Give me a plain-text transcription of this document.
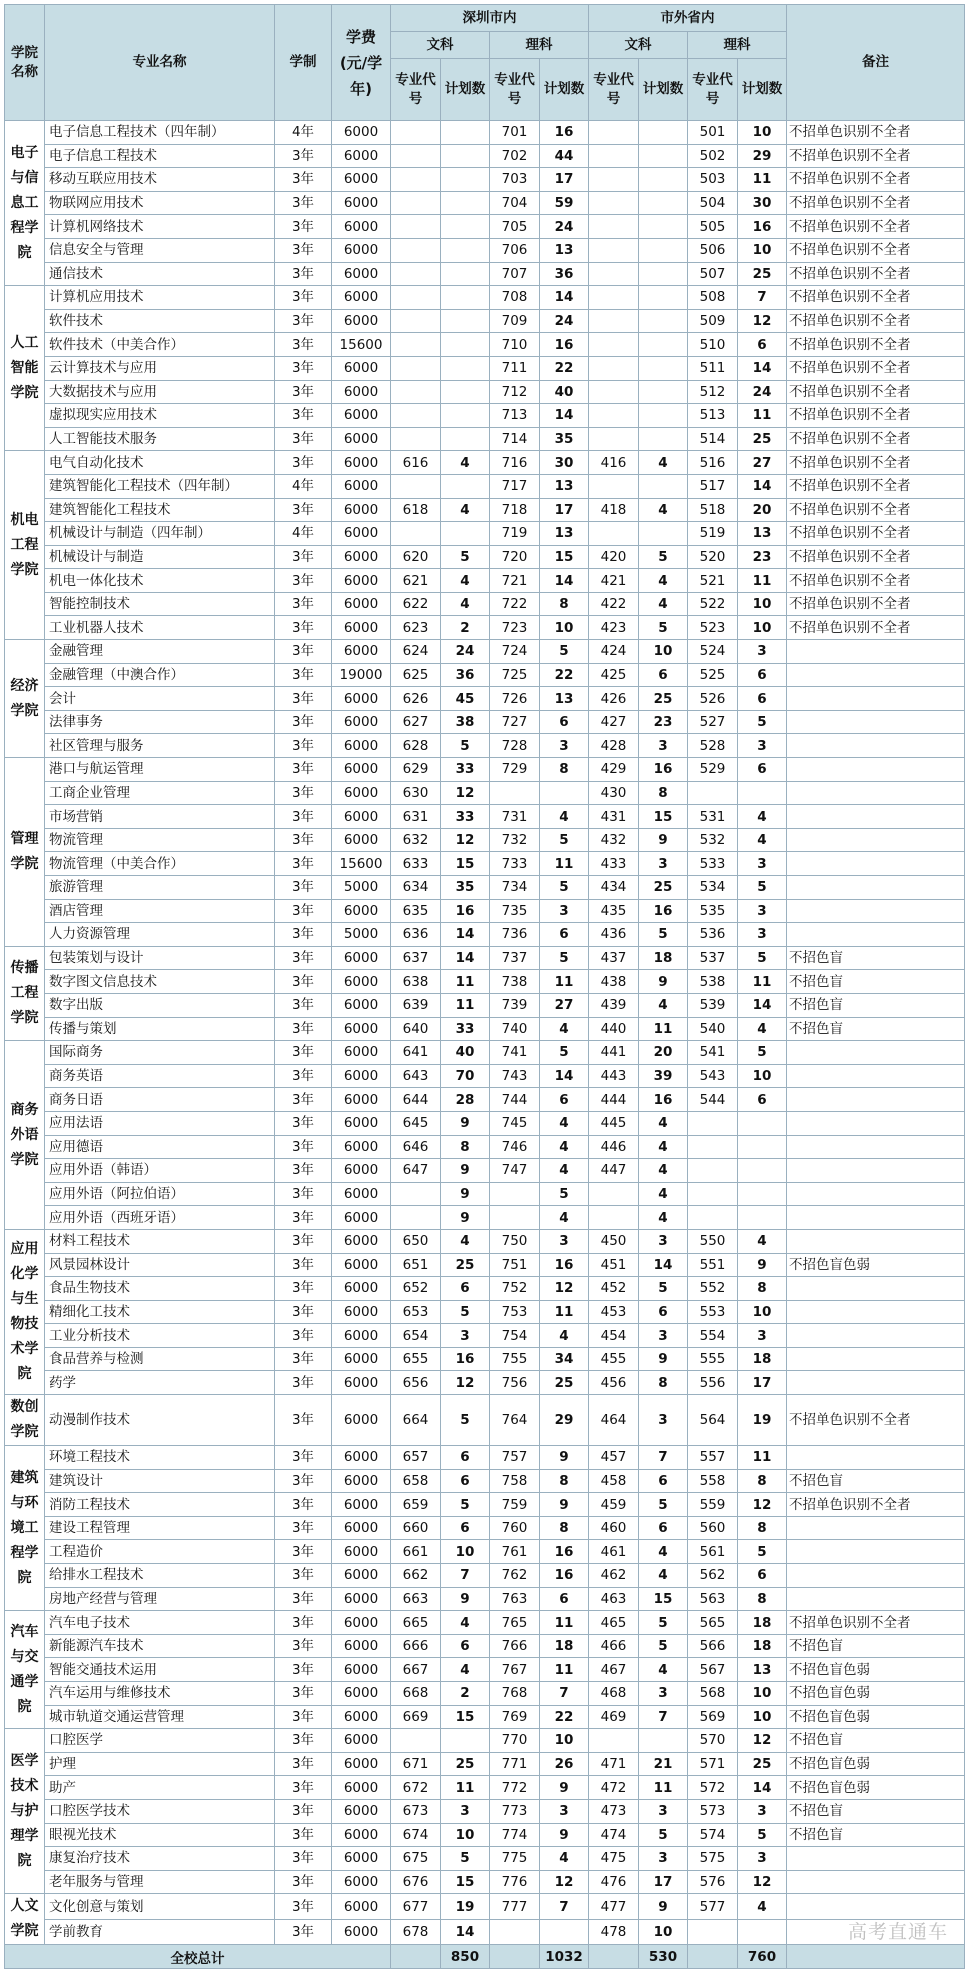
学院名称	专业名称	学制	学费(元/学年)	深圳市内				市外省内				备注
				文科		理科		文科		理科		
				专业代号	计划数	专业代号	计划数	专业代号	计划数	专业代号	计划数	
电子与信息工程学院	电子信息工程技术（四年制）	4年	6000			701	16			501	10	不招单色识别不全者
	电子信息工程技术	3年	6000			702	44			502	29	不招单色识别不全者
	移动互联应用技术	3年	6000			703	17			503	11	不招单色识别不全者
	物联网应用技术	3年	6000			704	59			504	30	不招单色识别不全者
	计算机网络技术	3年	6000			705	24			505	16	不招单色识别不全者
	信息安全与管理	3年	6000			706	13			506	10	不招单色识别不全者
	通信技术	3年	6000			707	36			507	25	不招单色识别不全者
人工智能学院	计算机应用技术	3年	6000			708	14			508	7	不招单色识别不全者
	软件技术	3年	6000			709	24			509	12	不招单色识别不全者
	软件技术（中美合作）	3年	15600			710	16			510	6	不招单色识别不全者
	云计算技术与应用	3年	6000			711	22			511	14	不招单色识别不全者
	大数据技术与应用	3年	6000			712	40			512	24	不招单色识别不全者
	虚拟现实应用技术	3年	6000			713	14			513	11	不招单色识别不全者
	人工智能技术服务	3年	6000			714	35			514	25	不招单色识别不全者
机电工程学院	电气自动化技术	3年	6000	616	4	716	30	416	4	516	27	不招单色识别不全者
	建筑智能化工程技术（四年制）	4年	6000			717	13			517	14	不招单色识别不全者
	建筑智能化工程技术	3年	6000	618	4	718	17	418	4	518	20	不招单色识别不全者
	机械设计与制造（四年制）	4年	6000			719	13			519	13	不招单色识别不全者
	机械设计与制造	3年	6000	620	5	720	15	420	5	520	23	不招单色识别不全者
	机电一体化技术	3年	6000	621	4	721	14	421	4	521	11	不招单色识别不全者
	智能控制技术	3年	6000	622	4	722	8	422	4	522	10	不招单色识别不全者
	工业机器人技术	3年	6000	623	2	723	10	423	5	523	10	不招单色识别不全者
经济学院	金融管理	3年	6000	624	24	724	5	424	10	524	3	
	金融管理（中澳合作）	3年	19000	625	36	725	22	425	6	525	6	
	会计	3年	6000	626	45	726	13	426	25	526	6	
	法律事务	3年	6000	627	38	727	6	427	23	527	5	
	社区管理与服务	3年	6000	628	5	728	3	428	3	528	3	
管理学院	港口与航运管理	3年	6000	629	33	729	8	429	16	529	6	
	工商企业管理	3年	6000	630	12			430	8			
	市场营销	3年	6000	631	33	731	4	431	15	531	4	
	物流管理	3年	6000	632	12	732	5	432	9	532	4	
	物流管理（中美合作）	3年	15600	633	15	733	11	433	3	533	3	
	旅游管理	3年	5000	634	35	734	5	434	25	534	5	
	酒店管理	3年	6000	635	16	735	3	435	16	535	3	
	人力资源管理	3年	5000	636	14	736	6	436	5	536	3	
传播工程学院	包装策划与设计	3年	6000	637	14	737	5	437	18	537	5	不招色盲
	数字图文信息技术	3年	6000	638	11	738	11	438	9	538	11	不招色盲
	数字出版	3年	6000	639	11	739	27	439	4	539	14	不招色盲
	传播与策划	3年	6000	640	33	740	4	440	11	540	4	不招色盲
商务外语学院	国际商务	3年	6000	641	40	741	5	441	20	541	5	
	商务英语	3年	6000	643	70	743	14	443	39	543	10	
	商务日语	3年	6000	644	28	744	6	444	16	544	6	
	应用法语	3年	6000	645	9	745	4	445	4			
	应用德语	3年	6000	646	8	746	4	446	4			
	应用外语（韩语）	3年	6000	647	9	747	4	447	4			
	应用外语（阿拉伯语）	3年	6000		9		5		4			
	应用外语（西班牙语）	3年	6000		9		4		4			
应用化学与生物技术学院	材料工程技术	3年	6000	650	4	750	3	450	3	550	4	
	风景园林设计	3年	6000	651	25	751	16	451	14	551	9	不招色盲色弱
	食品生物技术	3年	6000	652	6	752	12	452	5	552	8	
	精细化工技术	3年	6000	653	5	753	11	453	6	553	10	
	工业分析技术	3年	6000	654	3	754	4	454	3	554	3	
	食品营养与检测	3年	6000	655	16	755	34	455	9	555	18	
	药学	3年	6000	656	12	756	25	456	8	556	17	
数创学院	动漫制作技术	3年	6000	664	5	764	29	464	3	564	19	不招单色识别不全者
建筑与环境工程学院	环境工程技术	3年	6000	657	6	757	9	457	7	557	11	
	建筑设计	3年	6000	658	6	758	8	458	6	558	8	不招色盲
	消防工程技术	3年	6000	659	5	759	9	459	5	559	12	不招单色识别不全者
	建设工程管理	3年	6000	660	6	760	8	460	6	560	8	
	工程造价	3年	6000	661	10	761	16	461	4	561	5	
	给排水工程技术	3年	6000	662	7	762	16	462	4	562	6	
	房地产经营与管理	3年	6000	663	9	763	6	463	15	563	8	
汽车与交通学院	汽车电子技术	3年	6000	665	4	765	11	465	5	565	18	不招单色识别不全者
	新能源汽车技术	3年	6000	666	6	766	18	466	5	566	18	不招色盲
	智能交通技术运用	3年	6000	667	4	767	11	467	4	567	13	不招色盲色弱
	汽车运用与维修技术	3年	6000	668	2	768	7	468	3	568	10	不招色盲色弱
	城市轨道交通运营管理	3年	6000	669	15	769	22	469	7	569	10	不招色盲色弱
医学技术与护理学院	口腔医学	3年	6000			770	10			570	12	不招色盲
	护理	3年	6000	671	25	771	26	471	21	571	25	不招色盲色弱
	助产	3年	6000	672	11	772	9	472	11	572	14	不招色盲色弱
	口腔医学技术	3年	6000	673	3	773	3	473	3	573	3	不招色盲
	眼视光技术	3年	6000	674	10	774	9	474	5	574	5	不招色盲
	康复治疗技术	3年	6000	675	5	775	4	475	3	575	3	
	老年服务与管理	3年	6000	676	15	776	12	476	17	576	12	
人文学院	文化创意与策划	3年	6000	677	19	777	7	477	9	577	4	
	学前教育	3年	6000	678	14			478	10			
全校总计					850		1032		530		760	
高考直通车
